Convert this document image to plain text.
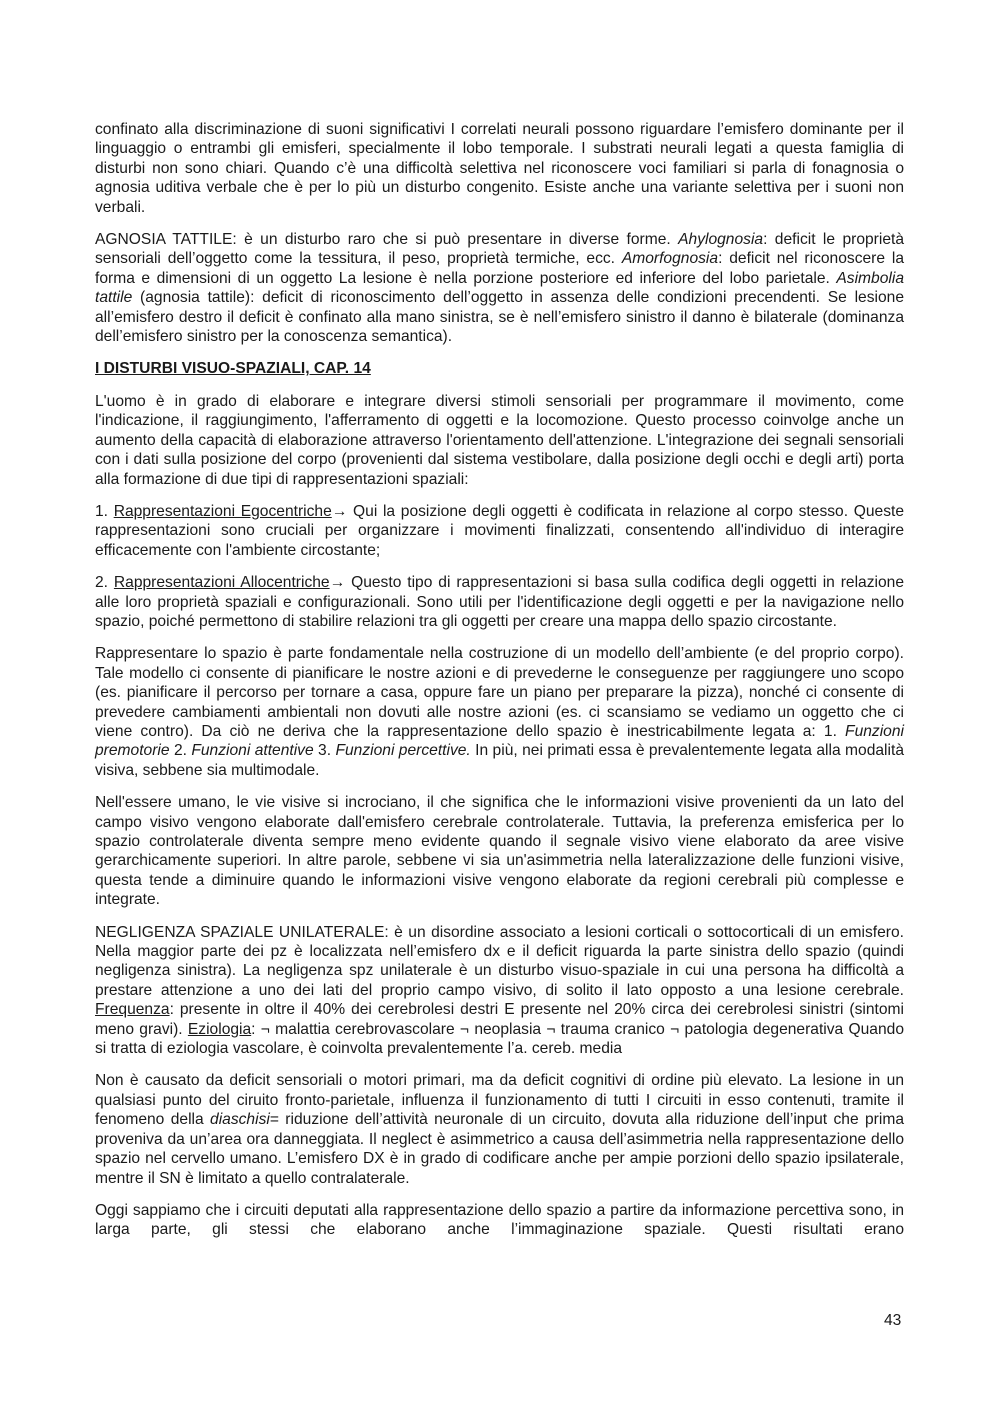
confinato alla discriminazione di suoni significativi I correlati neurali possono riguardare l’emisfero dominante per il linguaggio o entrambi gli emisferi, specialmente il lobo temporale. I substrati neurali legati a questa famiglia di disturbi non sono chiari. Quando c’è una difficoltà selettiva nel riconoscere voci familiari si parla di fonagnosia o agnosia uditiva verbale che è per lo più un disturbo congenito. Esiste anche una variante selettiva per i suoni non verbali.

AGNOSIA TATTILE: è un disturbo raro che si può presentare in diverse forme. Ahylognosia: deficit le proprietà sensoriali dell’oggetto come la tessitura, il peso, proprietà termiche, ecc. Amorfognosia: deficit nel riconoscere la forma e dimensioni di un oggetto La lesione è nella porzione posteriore ed inferiore del lobo parietale. Asimbolia tattile (agnosia tattile): deficit di riconoscimento dell’oggetto in assenza delle condizioni precendenti. Se lesione all’emisfero destro il deficit è confinato alla mano sinistra, se è nell’emisfero sinistro il danno è bilaterale (dominanza dell’emisfero sinistro per la conoscenza semantica).

I DISTURBI VISUO-SPAZIALI, CAP. 14

L'uomo è in grado di elaborare e integrare diversi stimoli sensoriali per programmare il movimento, come l'indicazione, il raggiungimento, l'afferramento di oggetti e la locomozione. Questo processo coinvolge anche un aumento della capacità di elaborazione attraverso l'orientamento dell'attenzione. L'integrazione dei segnali sensoriali con i dati sulla posizione del corpo (provenienti dal sistema vestibolare, dalla posizione degli occhi e degli arti) porta alla formazione di due tipi di rappresentazioni spaziali:

1. Rappresentazioni Egocentriche→ Qui la posizione degli oggetti è codificata in relazione al corpo stesso. Queste rappresentazioni sono cruciali per organizzare i movimenti finalizzati, consentendo all'individuo di interagire efficacemente con l'ambiente circostante;

2. Rappresentazioni Allocentriche→ Questo tipo di rappresentazioni si basa sulla codifica degli oggetti in relazione alle loro proprietà spaziali e configurazionali. Sono utili per l'identificazione degli oggetti e per la navigazione nello spazio, poiché permettono di stabilire relazioni tra gli oggetti per creare una mappa dello spazio circostante.

Rappresentare lo spazio è parte fondamentale nella costruzione di un modello dell’ambiente (e del proprio corpo). Tale modello ci consente di pianificare le nostre azioni e di prevederne le conseguenze per raggiungere uno scopo (es. pianificare il percorso per tornare a casa, oppure fare un piano per preparare la pizza), nonché ci consente di prevedere cambiamenti ambientali non dovuti alle nostre azioni (es. ci scansiamo se vediamo un oggetto che ci viene contro). Da ciò ne deriva che la rappresentazione dello spazio è inestricabilmente legata a: 1. Funzioni premotorie 2. Funzioni attentive 3. Funzioni percettive. In più, nei primati essa è prevalentemente legata alla modalità visiva, sebbene sia multimodale.

Nell'essere umano, le vie visive si incrociano, il che significa che le informazioni visive provenienti da un lato del campo visivo vengono elaborate dall'emisfero cerebrale controlaterale. Tuttavia, la preferenza emisferica per lo spazio controlaterale diventa sempre meno evidente quando il segnale visivo viene elaborato da aree visive gerarchicamente superiori. In altre parole, sebbene vi sia un'asimmetria nella lateralizzazione delle funzioni visive, questa tende a diminuire quando le informazioni visive vengono elaborate da regioni cerebrali più complesse e integrate.

NEGLIGENZA SPAZIALE UNILATERALE: è un disordine associato a lesioni corticali o sottocorticali di un emisfero. Nella maggior parte dei pz è localizzata nell’emisfero dx e il deficit riguarda la parte sinistra dello spazio (quindi negligenza sinistra). La negligenza spz unilaterale è un disturbo visuo-spaziale in cui una persona ha difficoltà a prestare attenzione a uno dei lati del proprio campo visivo, di solito il lato opposto a una lesione cerebrale. Frequenza: presente in oltre il 40% dei cerebrolesi destri E presente nel 20% circa dei cerebrolesi sinistri (sintomi meno gravi). Eziologia: ¬ malattia cerebrovascolare ¬ neoplasia ¬ trauma cranico ¬ patologia degenerativa Quando si tratta di eziologia vascolare, è coinvolta prevalentemente l’a. cereb. media

Non è causato da deficit sensoriali o motori primari, ma da deficit cognitivi di ordine più elevato. La lesione in un qualsiasi punto del ciruito fronto-parietale, influenza il funzionamento di tutti I circuiti in esso contenuti, tramite il fenomeno della diaschisi= riduzione dell’attività neuronale di un circuito, dovuta alla riduzione dell’input che prima proveniva da un’area ora danneggiata. Il neglect è asimmetrico a causa dell’asimmetria nella rappresentazione dello spazio nel cervello umano. L’emisfero DX è in grado di codificare anche per ampie porzioni dello spazio ipsilaterale, mentre il SN è limitato a quello contralaterale.

Oggi sappiamo che i circuiti deputati alla rappresentazione dello spazio a partire da informazione percettiva sono, in larga parte, gli stessi che elaborano anche l’immaginazione spaziale. Questi risultati erano

43
